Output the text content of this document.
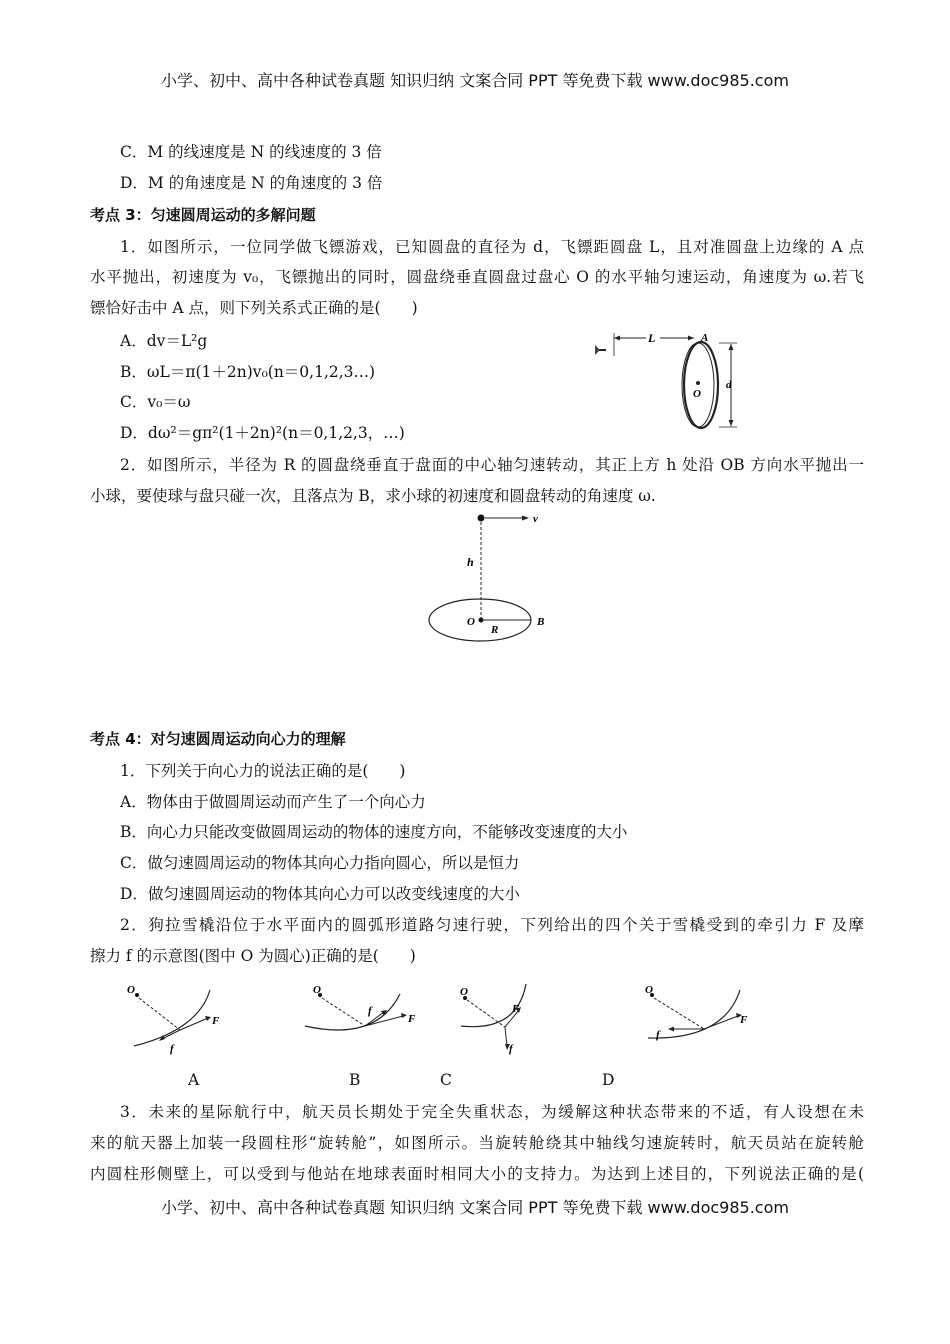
小学、初中、高中各种试卷真题 知识归纳 文案合同 PPT 等免费下载 www.doc985.com
C．M 的线速度是 N 的线速度的 3 倍
D．M 的角速度是 N 的角速度的 3 倍
考点 3：匀速圆周运动的多解问题
1．如图所示，一位同学做飞镖游戏，已知圆盘的直径为 d，飞镖距圆盘 L，且对准圆盘上边缘的 A 点
水平抛出，初速度为 v₀，飞镖抛出的同时，圆盘绕垂直圆盘过盘心 O 的水平轴匀速运动，角速度为 ω.若飞
镖恰好击中 A 点，则下列关系式正确的是(　　)
A．dv＝L²g
B．ωL＝π(1＋2n)v₀(n＝0,1,2,3…)
C．v₀＝ω
D．dω²＝gπ²(1＋2n)²(n＝0,1,2,3，…)
L	A
O
d
2．如图所示，半径为 R 的圆盘绕垂直于盘面的中心轴匀速转动，其正上方 h 处沿 OB 方向水平抛出一
小球，要使球与盘只碰一次，且落点为 B，求小球的初速度和圆盘转动的角速度 ω.
v
h
O
R
B
考点 4：对匀速圆周运动向心力的理解
1．下列关于向心力的说法正确的是(　　)
A．物体由于做圆周运动而产生了一个向心力
B．向心力只能改变做圆周运动的物体的速度方向，不能够改变速度的大小
C．做匀速圆周运动的物体其向心力指向圆心，所以是恒力
D．做匀速圆周运动的物体其向心力可以改变线速度的大小
2．狗拉雪橇沿位于水平面内的圆弧形道路匀速行驶，下列给出的四个关于雪橇受到的牵引力 F 及摩
擦力 f 的示意图(图中 O 为圆心)正确的是(　　)
O
F
f
O
f
F
O
F
f
O
F
f
A	B	C	D
3．未来的星际航行中，航天员长期处于完全失重状态，为缓解这种状态带来的不适，有人设想在未
来的航天器上加装一段圆柱形“旋转舱”，如图所示。当旋转舱绕其中轴线匀速旋转时，航天员站在旋转舱
内圆柱形侧壁上，可以受到与他站在地球表面时相同大小的支持力。为达到上述目的，下列说法正确的是(
小学、初中、高中各种试卷真题 知识归纳 文案合同 PPT 等免费下载 www.doc985.com
